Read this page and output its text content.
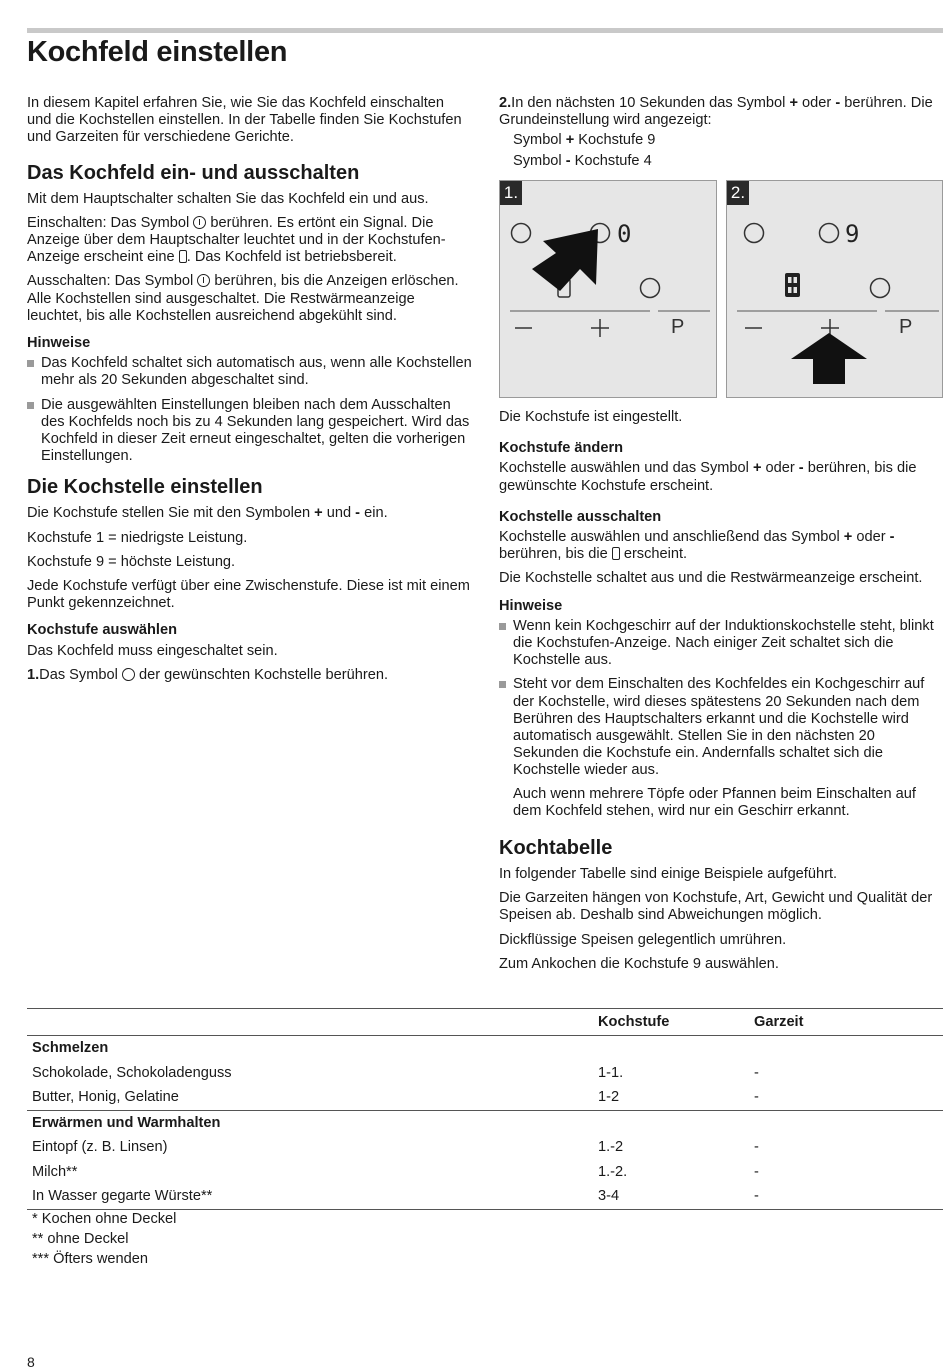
Kochfeld einstellen

In diesem Kapitel erfahren Sie, wie Sie das Kochfeld einschalten und die Kochstellen einstellen. In der Tabelle finden Sie Kochstufen und Garzeiten für verschiedene Gerichte.

Das Kochfeld ein- und ausschalten

Mit dem Hauptschalter schalten Sie das Kochfeld ein und aus.

Einschalten: Das Symbol
berühren. Es ertönt ein Signal. Die Anzeige über dem Hauptschalter leuchtet und in der Kochstufen-Anzeige erscheint eine . Das Kochfeld ist betriebsbereit.

Ausschalten: Das Symbol
berühren, bis die Anzeigen erlöschen. Alle Kochstellen sind ausgeschaltet. Die Restwärmeanzeige leuchtet, bis alle Kochstellen ausreichend abgekühlt sind.

Hinweise
Das Kochfeld schaltet sich automatisch aus, wenn alle Kochstellen mehr als 20 Sekunden abgeschaltet sind.
Die ausgewählten Einstellungen bleiben nach dem Ausschalten des Kochfelds noch bis zu 4 Sekunden lang gespeichert. Wird das Kochfeld in dieser Zeit erneut eingeschaltet, gelten die vorherigen Einstellungen.
Die Kochstelle einstellen

Die Kochstufe stellen Sie mit den Symbolen + und - ein.

Kochstufe 1 = niedrigste Leistung.

Kochstufe 9 = höchste Leistung.

Jede Kochstufe verfügt über eine Zwischenstufe. Diese ist mit einem Punkt gekennzeichnet.

Kochstufe auswählen

Das Kochfeld muss eingeschaltet sein.

1.Das Symbol  der gewünschten Kochstelle berühren.

2.In den nächsten 10 Sekunden das Symbol + oder - berühren. Die Grundeinstellung wird angezeigt:

Symbol + Kochstufe 9

Symbol - Kochstufe 4

1.
0
P
2.
9
P

Die Kochstufe ist eingestellt.

Kochstufe ändern

Kochstelle auswählen und das Symbol + oder - berühren, bis die gewünschte Kochstufe erscheint.

Kochstelle ausschalten

Kochstelle auswählen und anschließend das Symbol + oder - berühren, bis die  erscheint.

Die Kochstelle schaltet aus und die Restwärmeanzeige erscheint.

Hinweise
Wenn kein Kochgeschirr auf der Induktionskochstelle steht, blinkt die Kochstufen-Anzeige. Nach einiger Zeit schaltet sich die Kochstelle aus.
Steht vor dem Einschalten des Kochfeldes ein Kochgeschirr auf der Kochstelle, wird dieses spätestens 20 Sekunden nach dem Berühren des Hauptschalters erkannt und die Kochstelle wird automatisch ausgewählt. Stellen Sie in den nächsten 20 Sekunden die Kochstufe ein. Andernfalls schaltet sich die Kochstelle wieder aus.

Auch wenn mehrere Töpfe oder Pfannen beim Einschalten auf dem Kochfeld stehen, wird nur ein Geschirr erkannt.

Kochtabelle

In folgender Tabelle sind einige Beispiele aufgeführt.

Die Garzeiten hängen von Kochstufe, Art, Gewicht und Qualität der Speisen ab. Deshalb sind Abweichungen möglich.

Dickflüssige Speisen gelegentlich umrühren.

Zum Ankochen die Kochstufe 9 auswählen.

	Kochstufe	Garzeit
Schmelzen		
Schokolade, Schokoladenguss	1-1.	-
Butter, Honig, Gelatine	1-2	-
Erwärmen und Warmhalten		
Eintopf (z. B. Linsen)	1.-2	-
Milch**	1.-2.	-
In Wasser gegarte Würste**	3-4	-
* Kochen ohne Deckel
** ohne Deckel
*** Öfters wenden
8
